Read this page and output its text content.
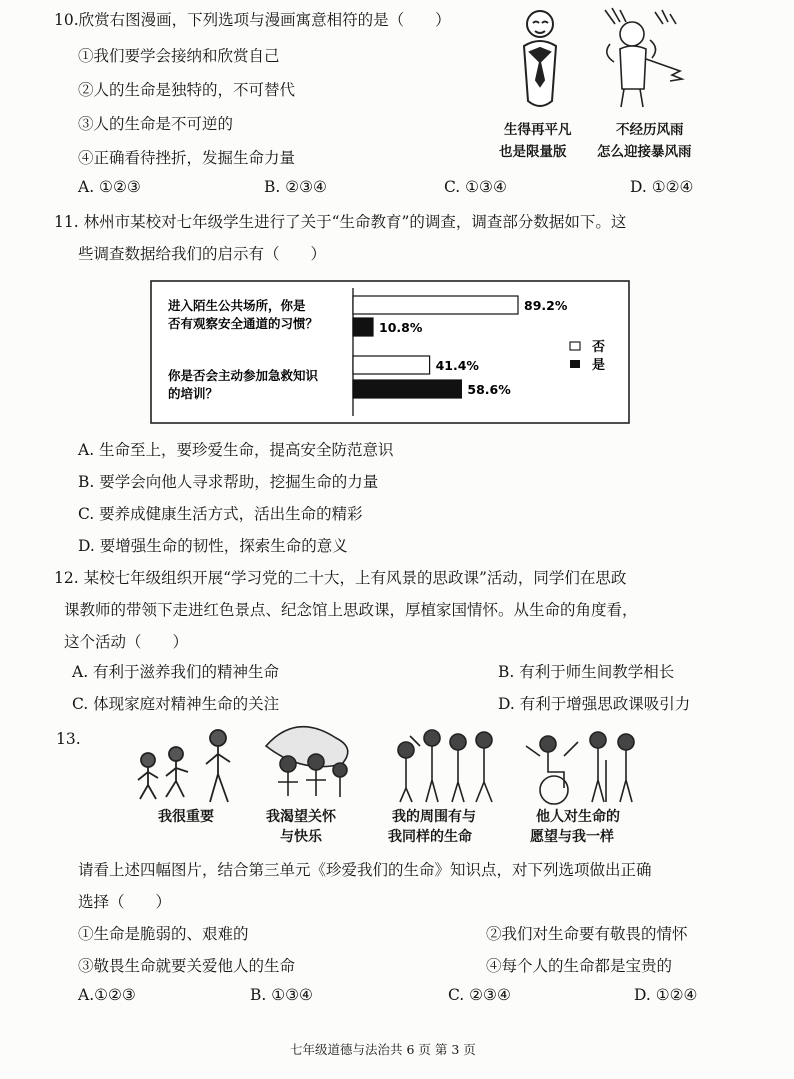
10.欣赏右图漫画，下列选项与漫画寓意相符的是（　　）
①我们要学会接纳和欣赏自己
②人的生命是独特的，不可替代
③人的生命是不可逆的
④正确看待挫折，发掘生命力量
A. ①②③	B. ②③④	C. ①③④	D. ①②④
生得再平凡
也是限量版
不经历风雨
怎么迎接暴风雨
11. 林州市某校对七年级学生进行了关于“生命教育”的调查，调查部分数据如下。这
些调查数据给我们的启示有（　　）
进入陌生公共场所，你是
否有观察安全通道的习惯？
你是否会主动参加急救知识
的培训？
89.2%
41.4%
10.8%
58.6%
否
是
A. 生命至上，要珍爱生命，提高安全防范意识
B. 要学会向他人寻求帮助，挖掘生命的力量
C. 要养成健康生活方式，活出生命的精彩
D. 要增强生命的韧性，探索生命的意义
12. 某校七年级组织开展“学习党的二十大，上有风景的思政课”活动，同学们在思政
课教师的带领下走进红色景点、纪念馆上思政课，厚植家国情怀。从生命的角度看，
这个活动（　　）
A. 有利于滋养我们的精神生命	B. 有利于师生间教学相长
C. 体现家庭对精神生命的关注	D. 有利于增强思政课吸引力
13.
我很重要	我渴望关怀
与快乐
我的周围有与
我同样的生命
他人对生命的
愿望与我一样
请看上述四幅图片，结合第三单元《珍爱我们的生命》知识点，对下列选项做出正确
选择（　　）
①生命是脆弱的、艰难的	②我们对生命要有敬畏的情怀
③敬畏生命就要关爱他人的生命	④每个人的生命都是宝贵的
A.①②③	B. ①③④	C. ②③④	D. ①②④
七年级道德与法治共 6 页 第 3 页
